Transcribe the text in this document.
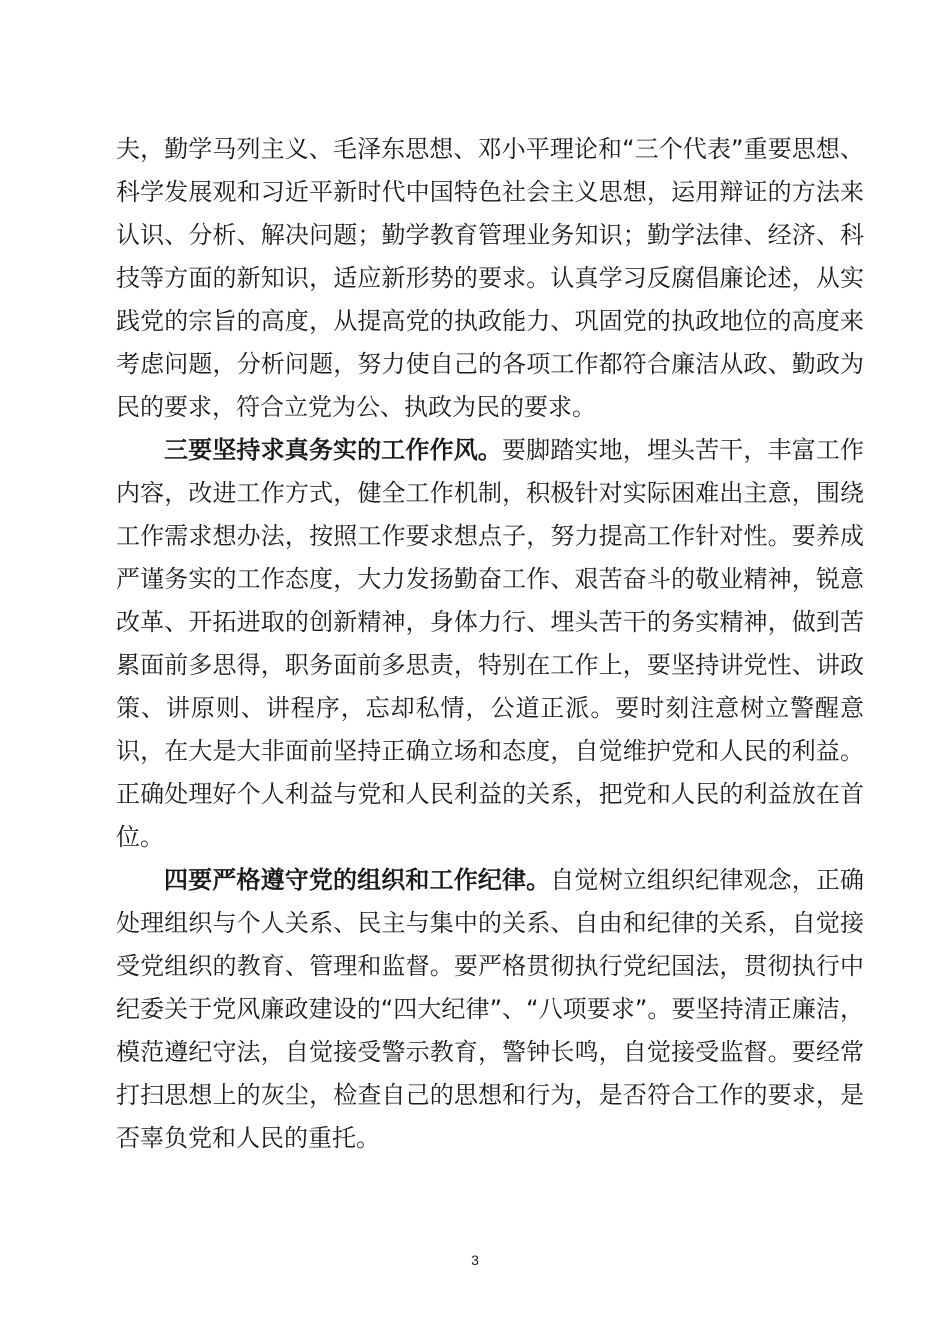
夫，勤学马列主义、毛泽东思想、邓小平理论和“三个代表”重要思想、科学发展观和习近平新时代中国特色社会主义思想，运用辩证的方法来认识、分析、解决问题；勤学教育管理业务知识；勤学法律、经济、科技等方面的新知识，适应新形势的要求。认真学习反腐倡廉论述，从实践党的宗旨的高度，从提高党的执政能力、巩固党的执政地位的高度来考虑问题，分析问题，努力使自己的各项工作都符合廉洁从政、勤政为民的要求，符合立党为公、执政为民的要求。

三要坚持求真务实的工作作风。要脚踏实地，埋头苦干，丰富工作内容，改进工作方式，健全工作机制，积极针对实际困难出主意，围绕工作需求想办法，按照工作要求想点子，努力提高工作针对性。要养成严谨务实的工作态度，大力发扬勤奋工作、艰苦奋斗的敬业精神，锐意改革、开拓进取的创新精神，身体力行、埋头苦干的务实精神，做到苦累面前多思得，职务面前多思责，特别在工作上，要坚持讲党性、讲政策、讲原则、讲程序，忘却私情，公道正派。要时刻注意树立警醒意识，在大是大非面前坚持正确立场和态度，自觉维护党和人民的利益。正确处理好个人利益与党和人民利益的关系，把党和人民的利益放在首位。

四要严格遵守党的组织和工作纪律。自觉树立组织纪律观念，正确处理组织与个人关系、民主与集中的关系、自由和纪律的关系，自觉接受党组织的教育、管理和监督。要严格贯彻执行党纪国法，贯彻执行中纪委关于党风廉政建设的“四大纪律”、“八项要求”。要坚持清正廉洁，模范遵纪守法，自觉接受警示教育，警钟长鸣，自觉接受监督。要经常打扫思想上的灰尘，检查自己的思想和行为，是否符合工作的要求，是否辜负党和人民的重托。

3
